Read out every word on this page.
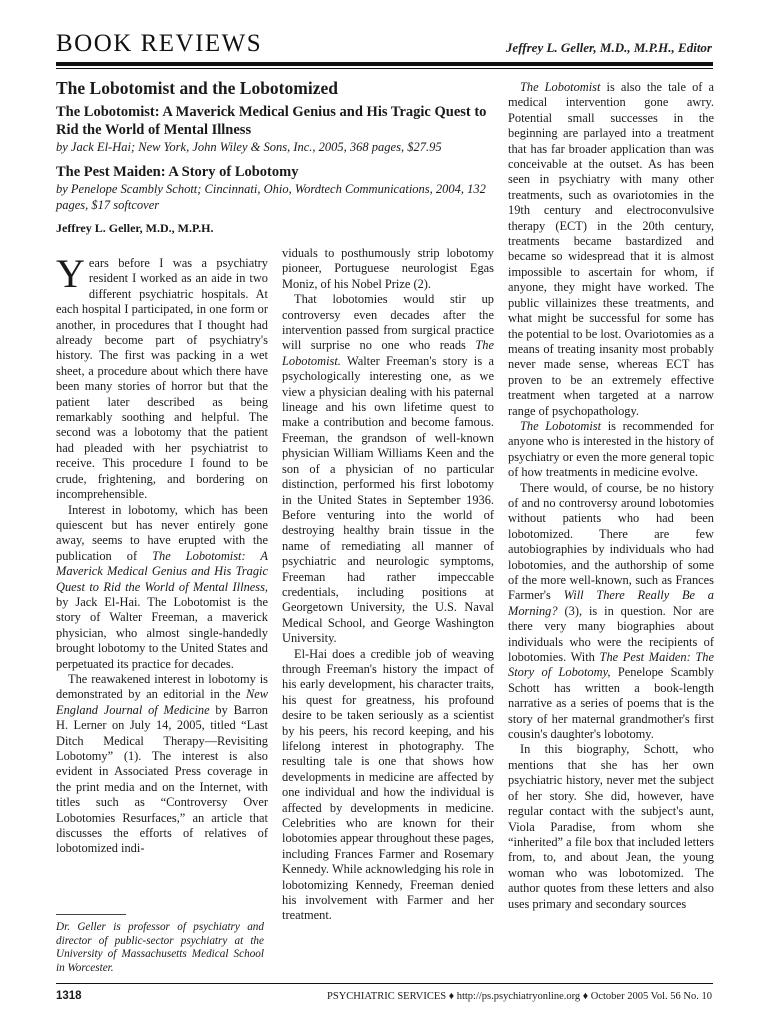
BOOK REVIEWS	Jeffrey L. Geller, M.D., M.P.H., Editor
The Lobotomist and the Lobotomized
The Lobotomist: A Maverick Medical Genius and His Tragic Quest to Rid the World of Mental Illness
by Jack El-Hai; New York, John Wiley & Sons, Inc., 2005, 368 pages, $27.95
The Pest Maiden: A Story of Lobotomy
by Penelope Scambly Schott; Cincinnati, Ohio, Wordtech Communications, 2004, 132 pages, $17 softcover
Jeffrey L. Geller, M.D., M.P.H.

Years before I was a psychiatry resident I worked as an aide in two different psychiatric hospitals. At each hospital I participated, in one form or another, in procedures that I thought had already become part of psychiatry's history. The first was packing in a wet sheet, a procedure about which there have been many stories of horror but that the patient later described as being remarkably soothing and helpful. The second was a lobotomy that the patient had pleaded with her psychiatrist to receive. This procedure I found to be crude, frightening, and bordering on incomprehensible.

Interest in lobotomy, which has been quiescent but has never entirely gone away, seems to have erupted with the publication of The Lobotomist: A Maverick Medical Genius and His Tragic Quest to Rid the World of Mental Illness, by Jack El-Hai. The Lobotomist is the story of Walter Freeman, a maverick physician, who almost single-handedly brought lobotomy to the United States and perpetuated its practice for decades.

The reawakened interest in lobotomy is demonstrated by an editorial in the New England Journal of Medicine by Barron H. Lerner on July 14, 2005, titled “Last Ditch Medical Therapy—Revisiting Lobotomy” (1). The interest is also evident in Associated Press coverage in the print media and on the Internet, with titles such as “Controversy Over Lobotomies Resurfaces,” an article that discusses the efforts of relatives of lobotomized indi-

Dr. Geller is professor of psychiatry and director of public-sector psychiatry at the University of Massachusetts Medical School in Worcester.

viduals to posthumously strip lobotomy pioneer, Portuguese neurologist Egas Moniz, of his Nobel Prize (2).

That lobotomies would stir up controversy even decades after the intervention passed from surgical practice will surprise no one who reads The Lobotomist. Walter Freeman's story is a psychologically interesting one, as we view a physician dealing with his paternal lineage and his own lifetime quest to make a contribution and become famous. Freeman, the grandson of well-known physician William Williams Keen and the son of a physician of no particular distinction, performed his first lobotomy in the United States in September 1936. Before venturing into the world of destroying healthy brain tissue in the name of remediating all manner of psychiatric and neurologic symptoms, Freeman had rather impeccable credentials, including positions at Georgetown University, the U.S. Naval Medical School, and George Washington University.

El-Hai does a credible job of weaving through Freeman's history the impact of his early development, his character traits, his quest for greatness, his profound desire to be taken seriously as a scientist by his peers, his record keeping, and his lifelong interest in photography. The resulting tale is one that shows how developments in medicine are affected by one individual and how the individual is affected by developments in medicine. Celebrities who are known for their lobotomies appear throughout these pages, including Frances Farmer and Rosemary Kennedy. While acknowledging his role in lobotomizing Kennedy, Freeman denied his involvement with Farmer and her treatment.

The Lobotomist is also the tale of a medical intervention gone awry. Potential small successes in the beginning are parlayed into a treatment that has far broader application than was conceivable at the outset. As has been seen in psychiatry with many other treatments, such as ovariotomies in the 19th century and electroconvulsive therapy (ECT) in the 20th century, treatments became bastardized and became so widespread that it is almost impossible to ascertain for whom, if anyone, they might have worked. The public villainizes these treatments, and what might be successful for some has the potential to be lost. Ovariotomies as a means of treating insanity most probably never made sense, whereas ECT has proven to be an extremely effective treatment when targeted at a narrow range of psychopathology.

The Lobotomist is recommended for anyone who is interested in the history of psychiatry or even the more general topic of how treatments in medicine evolve.

There would, of course, be no history of and no controversy around lobotomies without patients who had been lobotomized. There are few autobiographies by individuals who had lobotomies, and the authorship of some of the more well-known, such as Frances Farmer's Will There Really Be a Morning? (3), is in question. Nor are there very many biographies about individuals who were the recipients of lobotomies. With The Pest Maiden: The Story of Lobotomy, Penelope Scambly Schott has written a book-length narrative as a series of poems that is the story of her maternal grandmother's first cousin's daughter's lobotomy.

In this biography, Schott, who mentions that she has her own psychiatric history, never met the subject of her story. She did, however, have regular contact with the subject's aunt, Viola Paradise, from whom she “inherited” a file box that included letters from, to, and about Jean, the young woman who was lobotomized. The author quotes from these letters and also uses primary and secondary sources

1318	PSYCHIATRIC SERVICES ♦ http://ps.psychiatryonline.org ♦ October 2005 Vol. 56 No. 10
